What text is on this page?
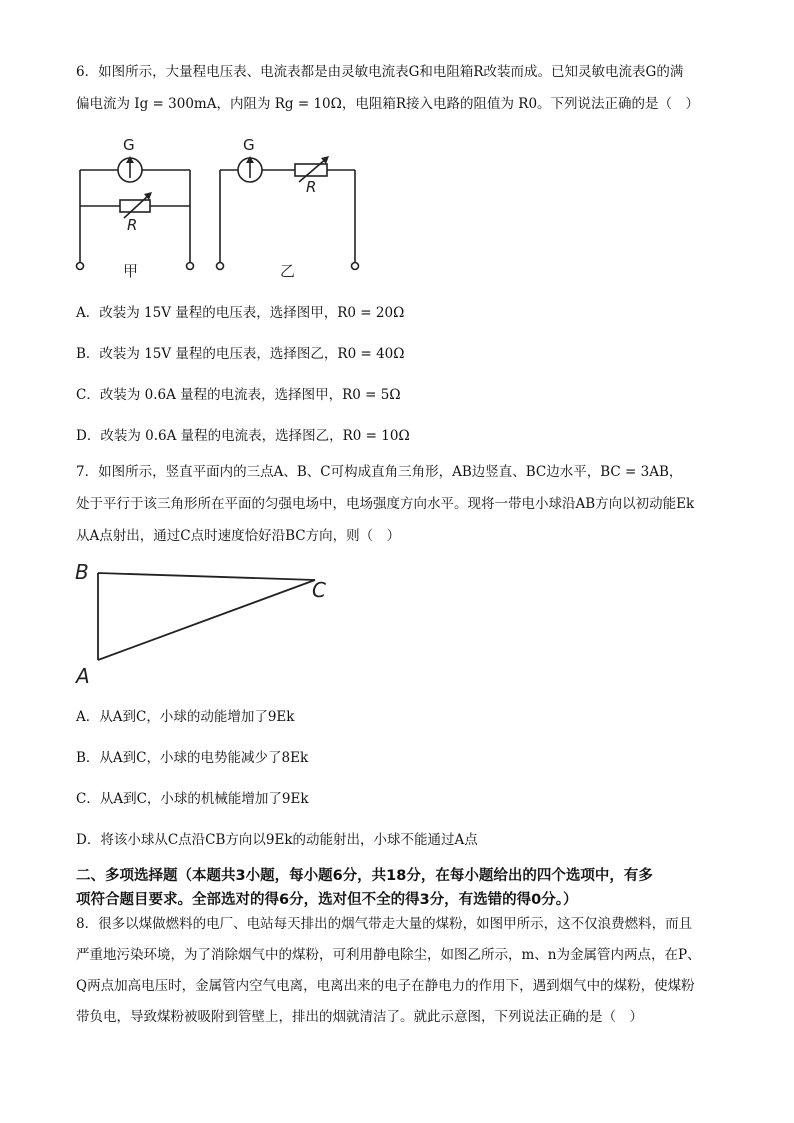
6．如图所示，大量程电压表、电流表都是由灵敏电流表G和电阻箱R改装而成。已知灵敏电流表G的满
偏电流为 Ig = 300mA，内阻为 Rg = 10Ω，电阻箱R接入电路的阻值为 R0。下列说法正确的是（　）
G
R
甲
G
R
乙
A．改装为 15V 量程的电压表，选择图甲，R0 = 20Ω
B．改装为 15V 量程的电压表，选择图乙，R0 = 40Ω
C．改装为 0.6A 量程的电流表，选择图甲，R0 = 5Ω
D．改装为 0.6A 量程的电流表，选择图乙，R0 = 10Ω
7．如图所示，竖直平面内的三点A、B、C可构成直角三角形，AB边竖直、BC边水平，BC = 3AB，
处于平行于该三角形所在平面的匀强电场中，电场强度方向水平。现将一带电小球沿AB方向以初动能Ek
从A点射出，通过C点时速度恰好沿BC方向，则（　）
B
C
A
A．从A到C，小球的动能增加了9Ek
B．从A到C，小球的电势能减少了8Ek
C．从A到C，小球的机械能增加了9Ek
D．将该小球从C点沿CB方向以9Ek的动能射出，小球不能通过A点
二、多项选择题（本题共3小题，每小题6分，共18分，在每小题给出的四个选项中，有多
项符合题目要求。全部选对的得6分，选对但不全的得3分，有选错的得0分。）
8．很多以煤做燃料的电厂、电站每天排出的烟气带走大量的煤粉，如图甲所示，这不仅浪费燃料，而且
严重地污染环境，为了消除烟气中的煤粉，可利用静电除尘，如图乙所示，m、n为金属管内两点，在P、
Q两点加高电压时，金属管内空气电离，电离出来的电子在静电力的作用下，遇到烟气中的煤粉，使煤粉
带负电，导致煤粉被吸附到管壁上，排出的烟就清洁了。就此示意图，下列说法正确的是（　）
